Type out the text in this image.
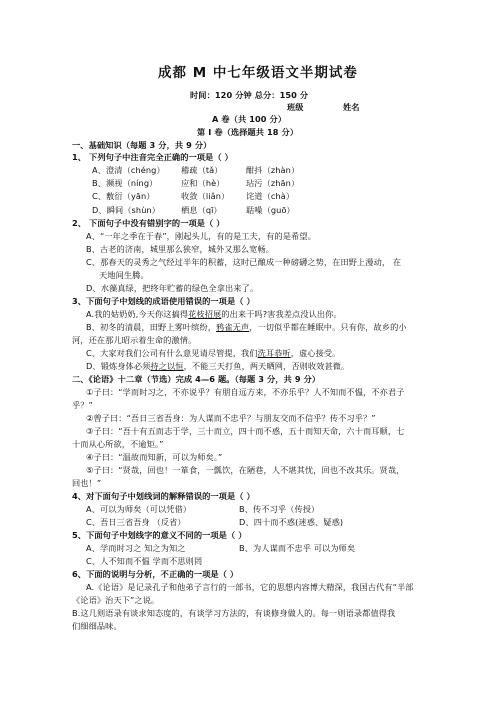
成都 M 中七年级语文半期试卷
时间：120 分钟 总分：150 分
班级	姓名
A 卷（共 100 分）
第 I 卷（选择题共 18 分）
一、基础知识（每题 3 分，共 9 分）
1、 下列句子中注音完全正确的一项是（ ）
A、澄清（chéng） 稽疏（tǎ）	酣抖（zhàn）
B、濒视（níng）	应和（hè）	玷污（zhān）
C、敷衍（yān）	收敛（liǎn） 诧道（chà）
D、瞬间（shùn）	栖息（qī）	聒噪（guō）
2、 下面句子中没有错别字的一项是（ ）
A、“一年之季在于春”，刚起头儿，有的是工夫，有的是希望。
B、古老的济南，城里那么狭窄，城外又那么宽畅。
C、那春天的灵秀之气经过半年的积蓄，这时已酿成一种磅礴之势，在田野上漫动， 在
天地间生腾。
D、水藻真绿，把终年贮蓄的绿色全拿出来了。
3、下面句子中划线的成语使用错误的一项是（ ）
A.我的姑奶奶,今天你这搞得花枝招展的出来干吗?害我差点没认出你。
B、初冬的清晨，田野上雾叶缤纷，鸦雀无声，一切似乎都在睡眠中。只有你，故乡的小
河，还在那儿昭示着生命的激情。
C、大家对我们公司有什么意见请尽管提，我们洗耳恭听，虚心接受。
D、锻炼身体必须持之以恒，不能三天打鱼，两天晒网，否则收效甚微。
二、《论语》十二章（节选）完成 4—6 题。（每题 3 分，共 9 分）
①子曰：“学而时习之，不亦说乎？有朋自远方来，不亦乐乎？人不知而不愠，不亦君子
乎？”
②曾子曰：“吾日三省吾身：为人谋而不忠乎？与朋友交而不信乎？传不习乎？”
③子曰：“吾十有五而志于学，三十而立，四十而不惑，五十而知天命，六十而耳顺，七
十而从心所欲，不逾矩。”
④子曰：“温故而知新，可以为师矣。”
⑤子曰：“贤哉，回也！一箪食，一瓢饮，在陋巷，人不堪其忧，回也不改其乐。贤哉，
回也！”
4、对下面句子中划线词的解释错误的一项是（ ）
A、可以为师矣（可以凭借）	B、传不习乎（传授）
C、吾日三省吾身 （反省）	D、四十而不惑(迷惑、疑惑)
5、下面句子中划线字的意义不同的一项是（ ）
A、学而时习之 知之为知之	B、为人谋而不忠乎 可以为师矣
C、人不知而不愠 学而不思则罔
6、下面的说明与分析，不正确的一项是（ ）
A.《论语》是记录孔子和他弟子言行的一部书，它的思想内容博大精深，我国古代有“半部
《论语》治天下”之说。
B.这几则语录有谈求知态度的，有谈学习方法的，有谈修身做人的。每一则语录都值得我
们细细品味。
